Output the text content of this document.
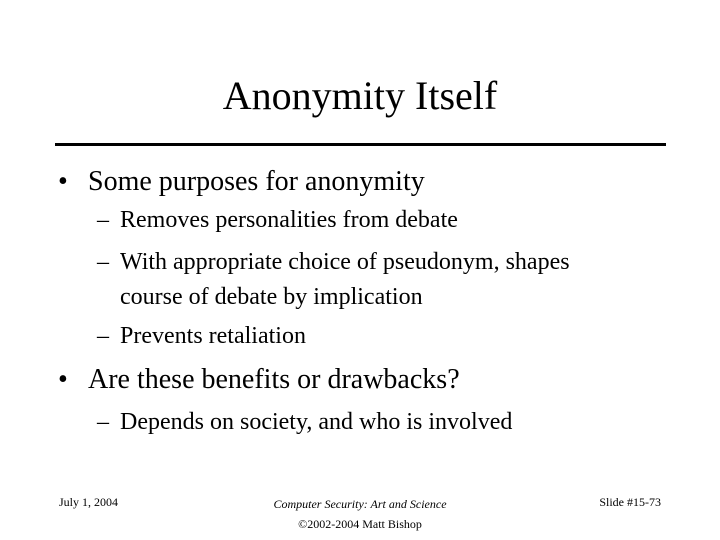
Anonymity Itself
• Some purposes for anonymity
– Removes personalities from debate
– With appropriate choice of pseudonym, shapes
course of debate by implication
– Prevents retaliation
• Are these benefits or drawbacks?
– Depends on society, and who is involved
July 1, 2004	Computer Security: Art and Science
©2002-2004 Matt Bishop
Slide #15-73
